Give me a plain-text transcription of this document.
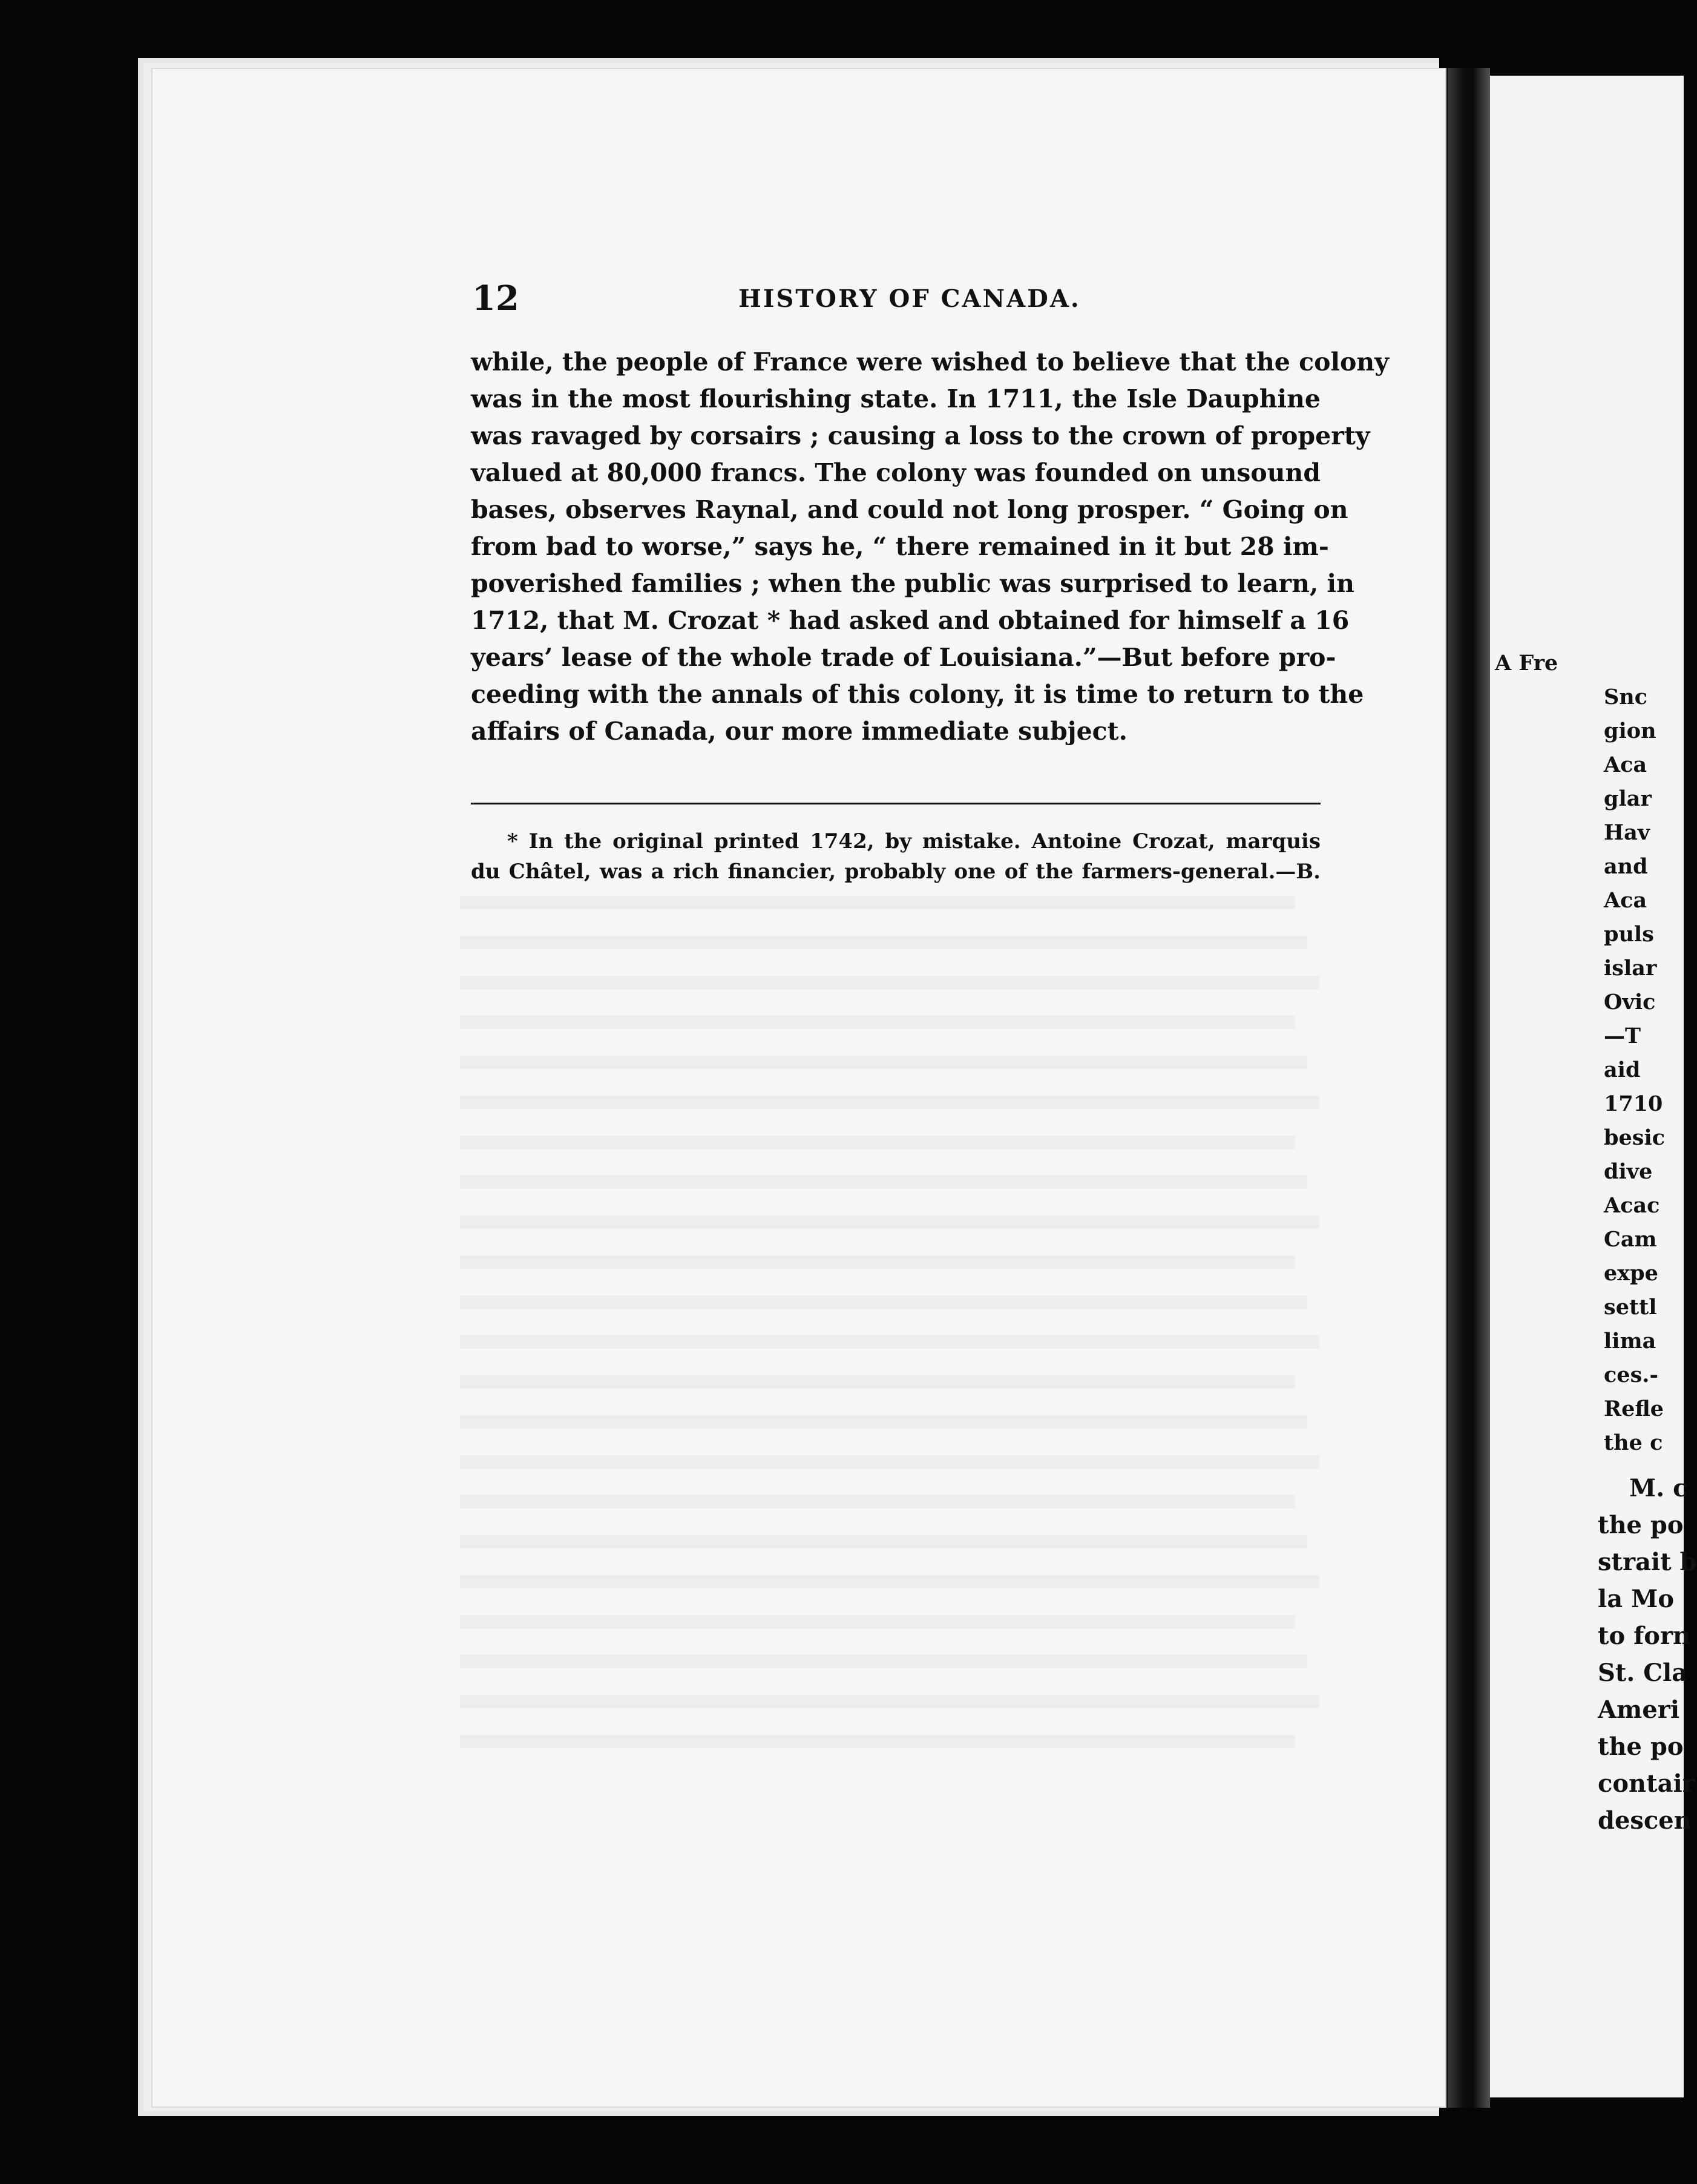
12	HISTORY OF CANADA.
while, the people of France were wished to believe that the colony
was in the most flourishing state. In 1711, the Isle Dauphine
was ravaged by corsairs ; causing a loss to the crown of property
valued at 80,000 francs. The colony was founded on unsound
bases, observes Raynal, and could not long prosper. “ Going on
from bad to worse,” says he, “ there remained in it but 28 im-
poverished families ; when the public was surprised to learn, in
1712, that M. Crozat * had asked and obtained for himself a 16
years’ lease of the whole trade of Louisiana.”—But before pro-
ceeding with the annals of this colony, it is time to return to the
affairs of Canada, our more immediate subject.
* In the original printed 1742, by mistake. Antoine Crozat, marquis
du Châtel, was a rich financier, probably one of the farmers-general.—B.
A Fre
Snc
gion
Aca
glar
Hav
and
Aca
puls
islar
Ovic
—T
aid
1710
besic
dive
Acac
Cam
expe
settl
lima
ces.-
Refle
the c
M. c
the po
strait b
la Mo
to forn
St. Cla
Ameri
the po
contair
descen
